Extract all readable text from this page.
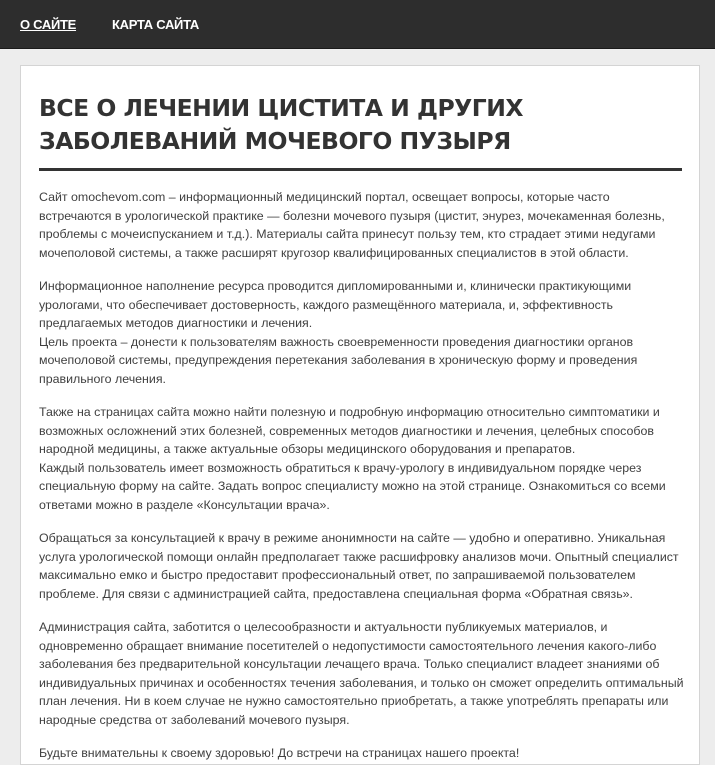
О САЙТЕ	КАРТА САЙТА
ВСЕ О ЛЕЧЕНИИ ЦИСТИТА И ДРУГИХ ЗАБОЛЕВАНИЙ МОЧЕВОГО ПУЗЫРЯ

Сайт omochevom.com – информационный медицинский портал, освещает вопросы, которые часто встречаются в урологической практике — болезни мочевого пузыря (цистит, энурез, мочекаменная болезнь, проблемы с мочеиспусканием и т.д.). Материалы сайта принесут пользу тем, кто страдает этими недугами мочеполовой системы, а также расширят кругозор квалифицированных специалистов в этой области.

Информационное наполнение ресурса проводится дипломированными и, клинически практикующими урологами, что обеспечивает достоверность, каждого размещённого материала, и, эффективность предлагаемых методов диагностики и лечения.
Цель проекта – донести к пользователям важность своевременности проведения диагностики органов мочеполовой системы, предупреждения перетекания заболевания в хроническую форму и проведения правильного лечения.

Также на страницах сайта можно найти полезную и подробную информацию относительно симптоматики и возможных осложнений этих болезней, современных методов диагностики и лечения, целебных способов народной медицины, а также актуальные обзоры медицинского оборудования и препаратов.
Каждый пользователь имеет возможность обратиться к врачу-урологу в индивидуальном порядке через специальную форму на сайте. Задать вопрос специалисту можно на этой странице. Ознакомиться со всеми ответами можно в разделе «Консультации врача».

Обращаться за консультацией к врачу в режиме анонимности на сайте — удобно и оперативно. Уникальная услуга урологической помощи онлайн предполагает также расшифровку анализов мочи. Опытный специалист максимально емко и быстро предоставит профессиональный ответ, по запрашиваемой пользователем проблеме. Для связи с администрацией сайта, предоставлена специальная форма «Обратная связь».

Администрация сайта, заботится о целесообразности и актуальности публикуемых материалов, и одновременно обращает внимание посетителей о недопустимости самостоятельного лечения какого-либо заболевания без предварительной консультации лечащего врача. Только специалист владеет знаниями об индивидуальных причинах и особенностях течения заболевания, и только он сможет определить оптимальный план лечения. Ни в коем случае не нужно самостоятельно приобретать, а также употреблять препараты или народные средства от заболеваний мочевого пузыря.

Будьте внимательны к своему здоровью! До встречи на страницах нашего проекта!
